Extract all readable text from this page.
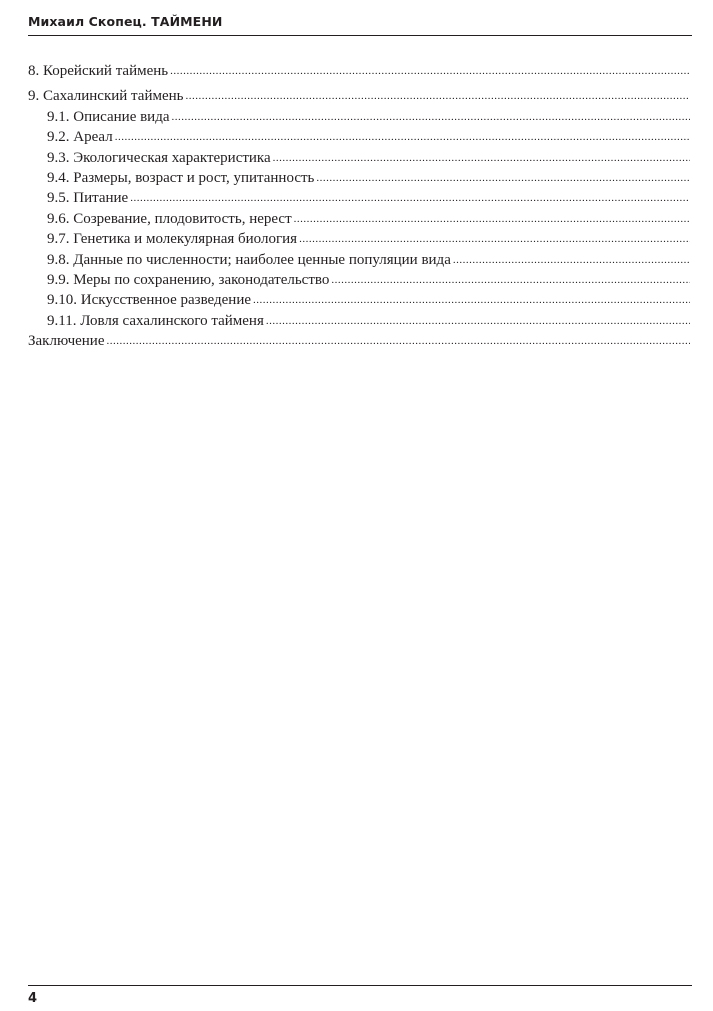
Михаил Скопец. ТАЙМЕНИ
8. Корейский таймень
.....
9. Сахалинский таймень
.....
9.1. Описание вида
.....
9.2. Ареал
.....
9.3. Экологическая характеристика
.....
9.4. Размеры, возраст и рост, упитанность
.....
9.5. Питание
.....
9.6. Созревание, плодовитость, нерест
.....
9.7. Генетика и молекулярная биология
.....
9.8. Данные по численности; наиболее ценные популяции вида
.....
9.9. Меры по сохранению, законодательство
.....
9.10. Искусственное разведение
.....
9.11. Ловля сахалинского тайменя
.....
Заключение
.....
4
